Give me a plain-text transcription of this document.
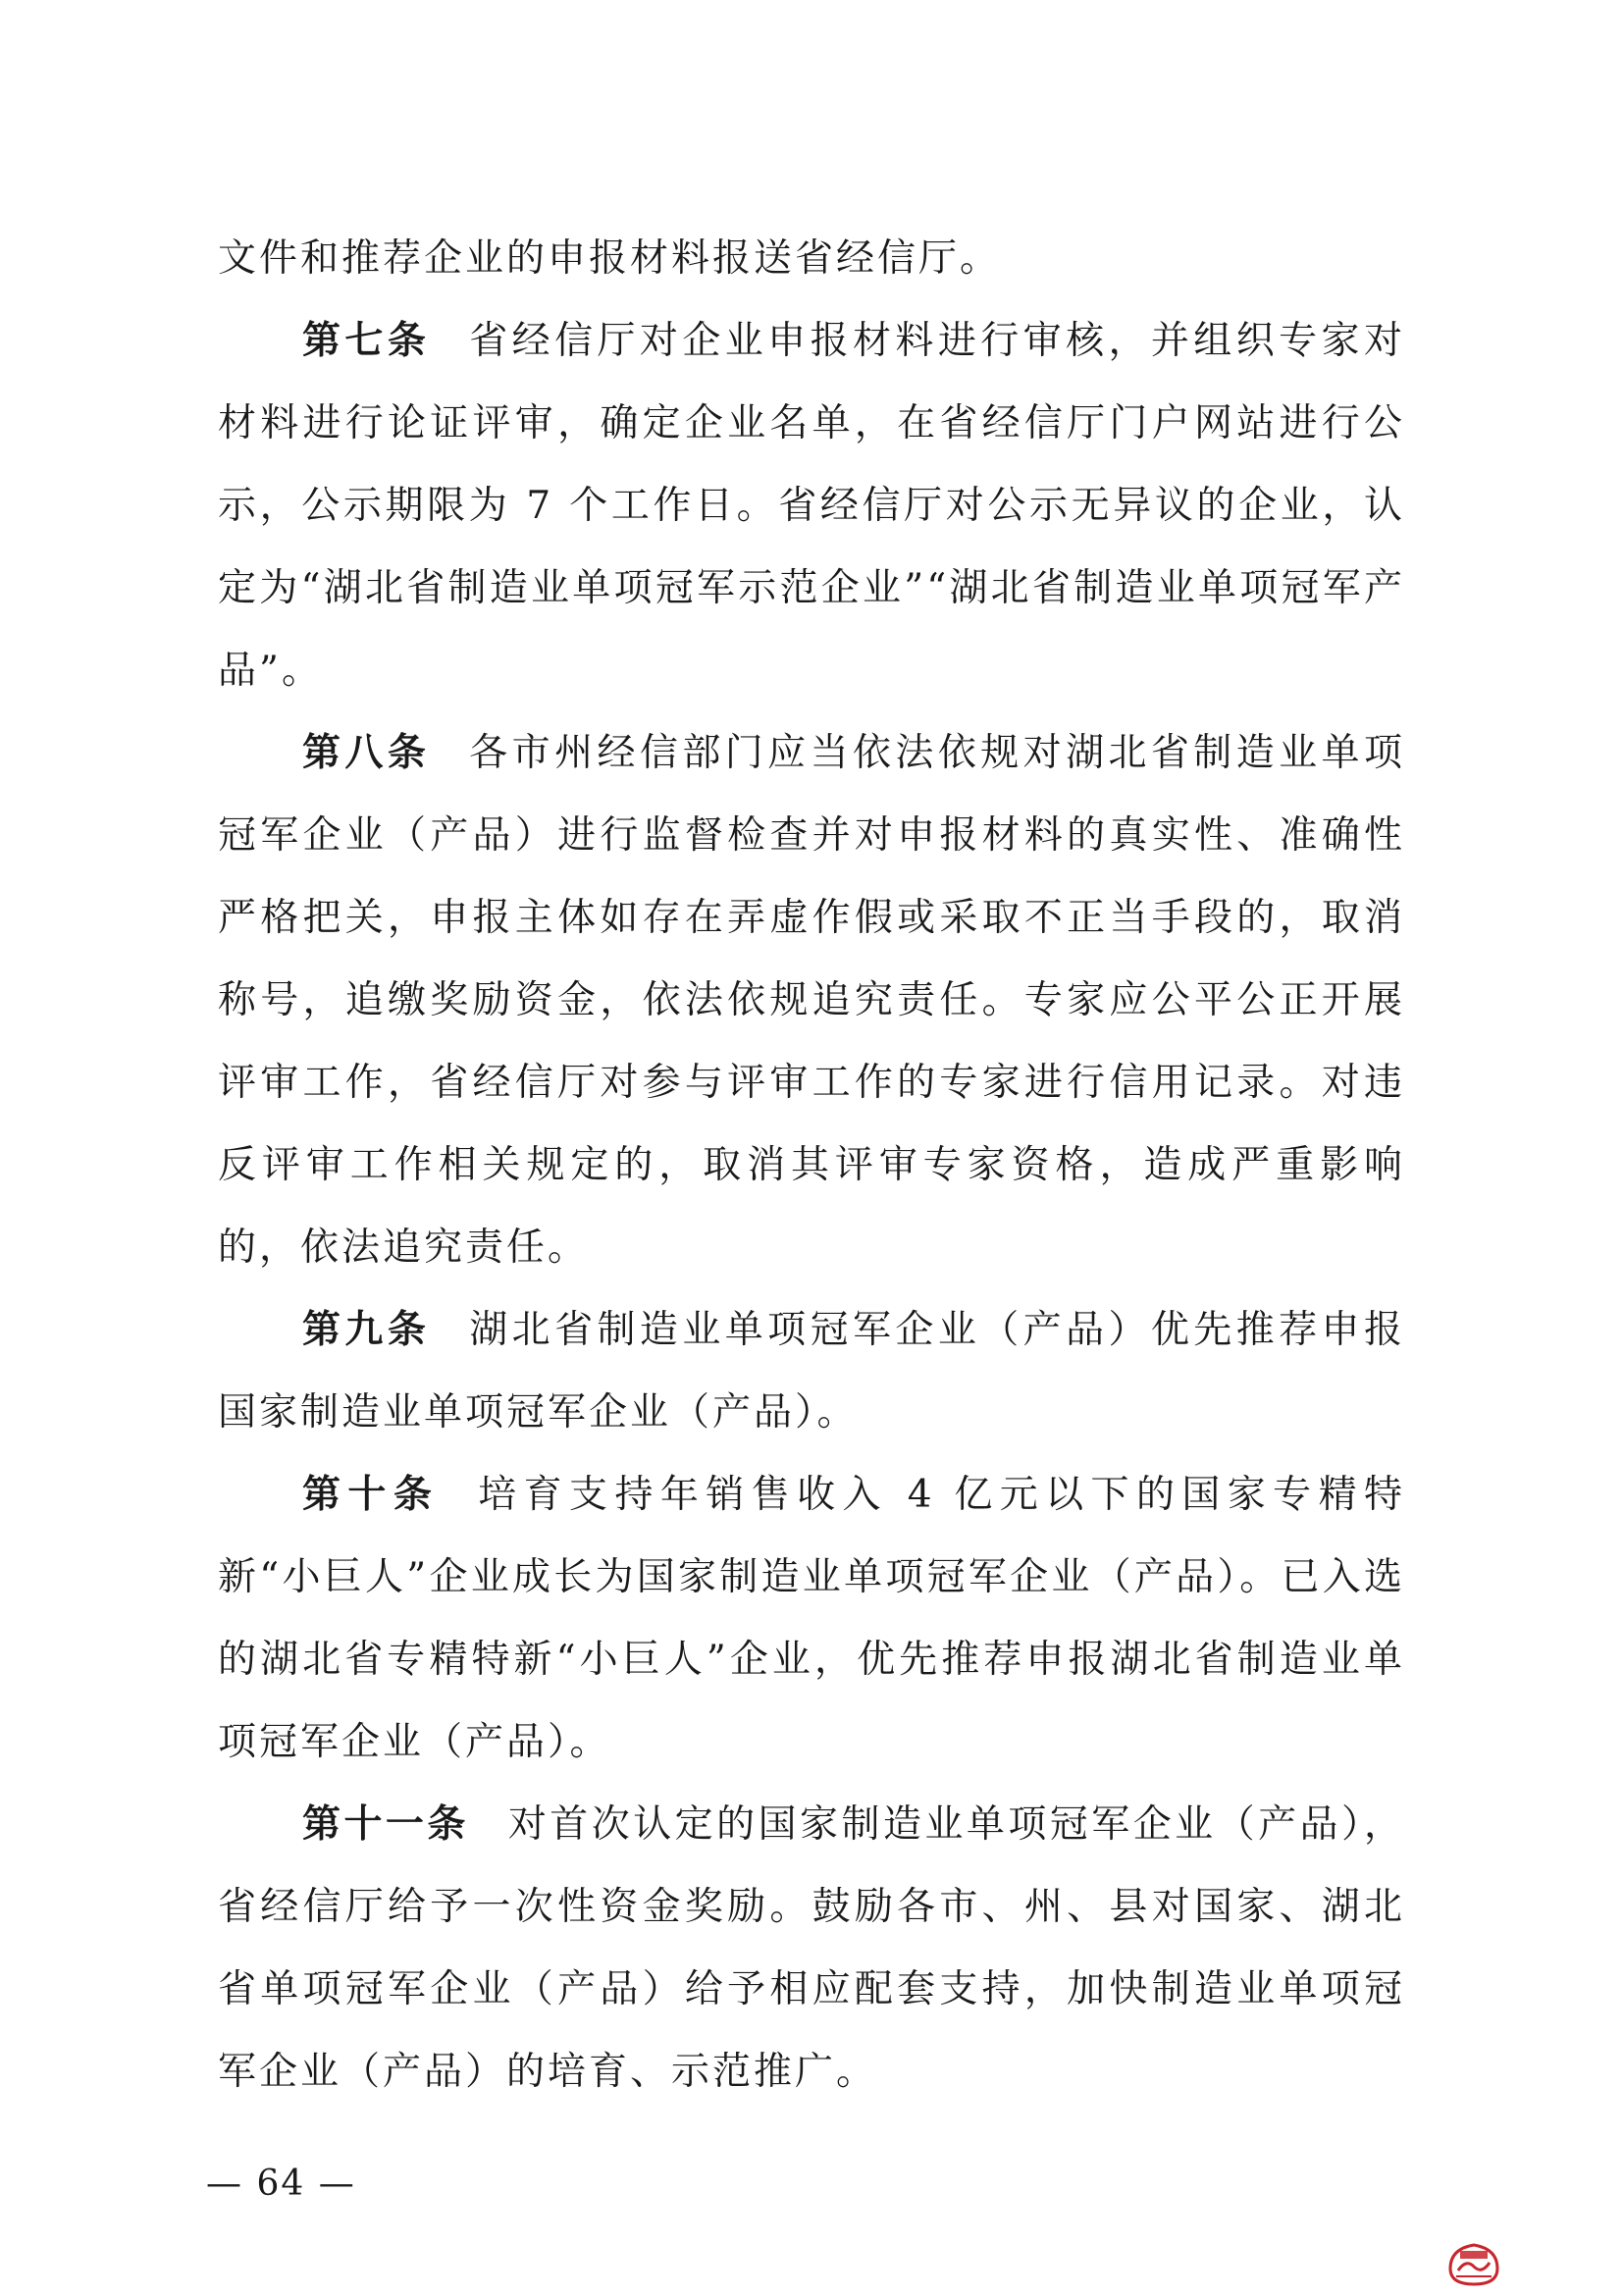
文件和推荐企业的申报材料报送省经信厅。

第七条 省经信厅对企业申报材料进行审核，并组织专家对材料进行论证评审，确定企业名单，在省经信厅门户网站进行公示，公示期限为 7 个工作日。省经信厅对公示无异议的企业，认定为“湖北省制造业单项冠军示范企业”“湖北省制造业单项冠军产品”。

第八条 各市州经信部门应当依法依规对湖北省制造业单项冠军企业（产品）进行监督检查并对申报材料的真实性、准确性严格把关，申报主体如存在弄虚作假或采取不正当手段的，取消称号，追缴奖励资金，依法依规追究责任。专家应公平公正开展评审工作，省经信厅对参与评审工作的专家进行信用记录。对违反评审工作相关规定的，取消其评审专家资格，造成严重影响的，依法追究责任。

第九条 湖北省制造业单项冠军企业（产品）优先推荐申报国家制造业单项冠军企业（产品）。

第十条 培育支持年销售收入 4 亿元以下的国家专精特新“小巨人”企业成长为国家制造业单项冠军企业（产品）。已入选的湖北省专精特新“小巨人”企业，优先推荐申报湖北省制造业单项冠军企业（产品）。

第十一条 对首次认定的国家制造业单项冠军企业（产品），省经信厅给予一次性资金奖励。鼓励各市、州、县对国家、湖北省单项冠军企业（产品）给予相应配套支持，加快制造业单项冠军企业（产品）的培育、示范推广。

— 64 —
